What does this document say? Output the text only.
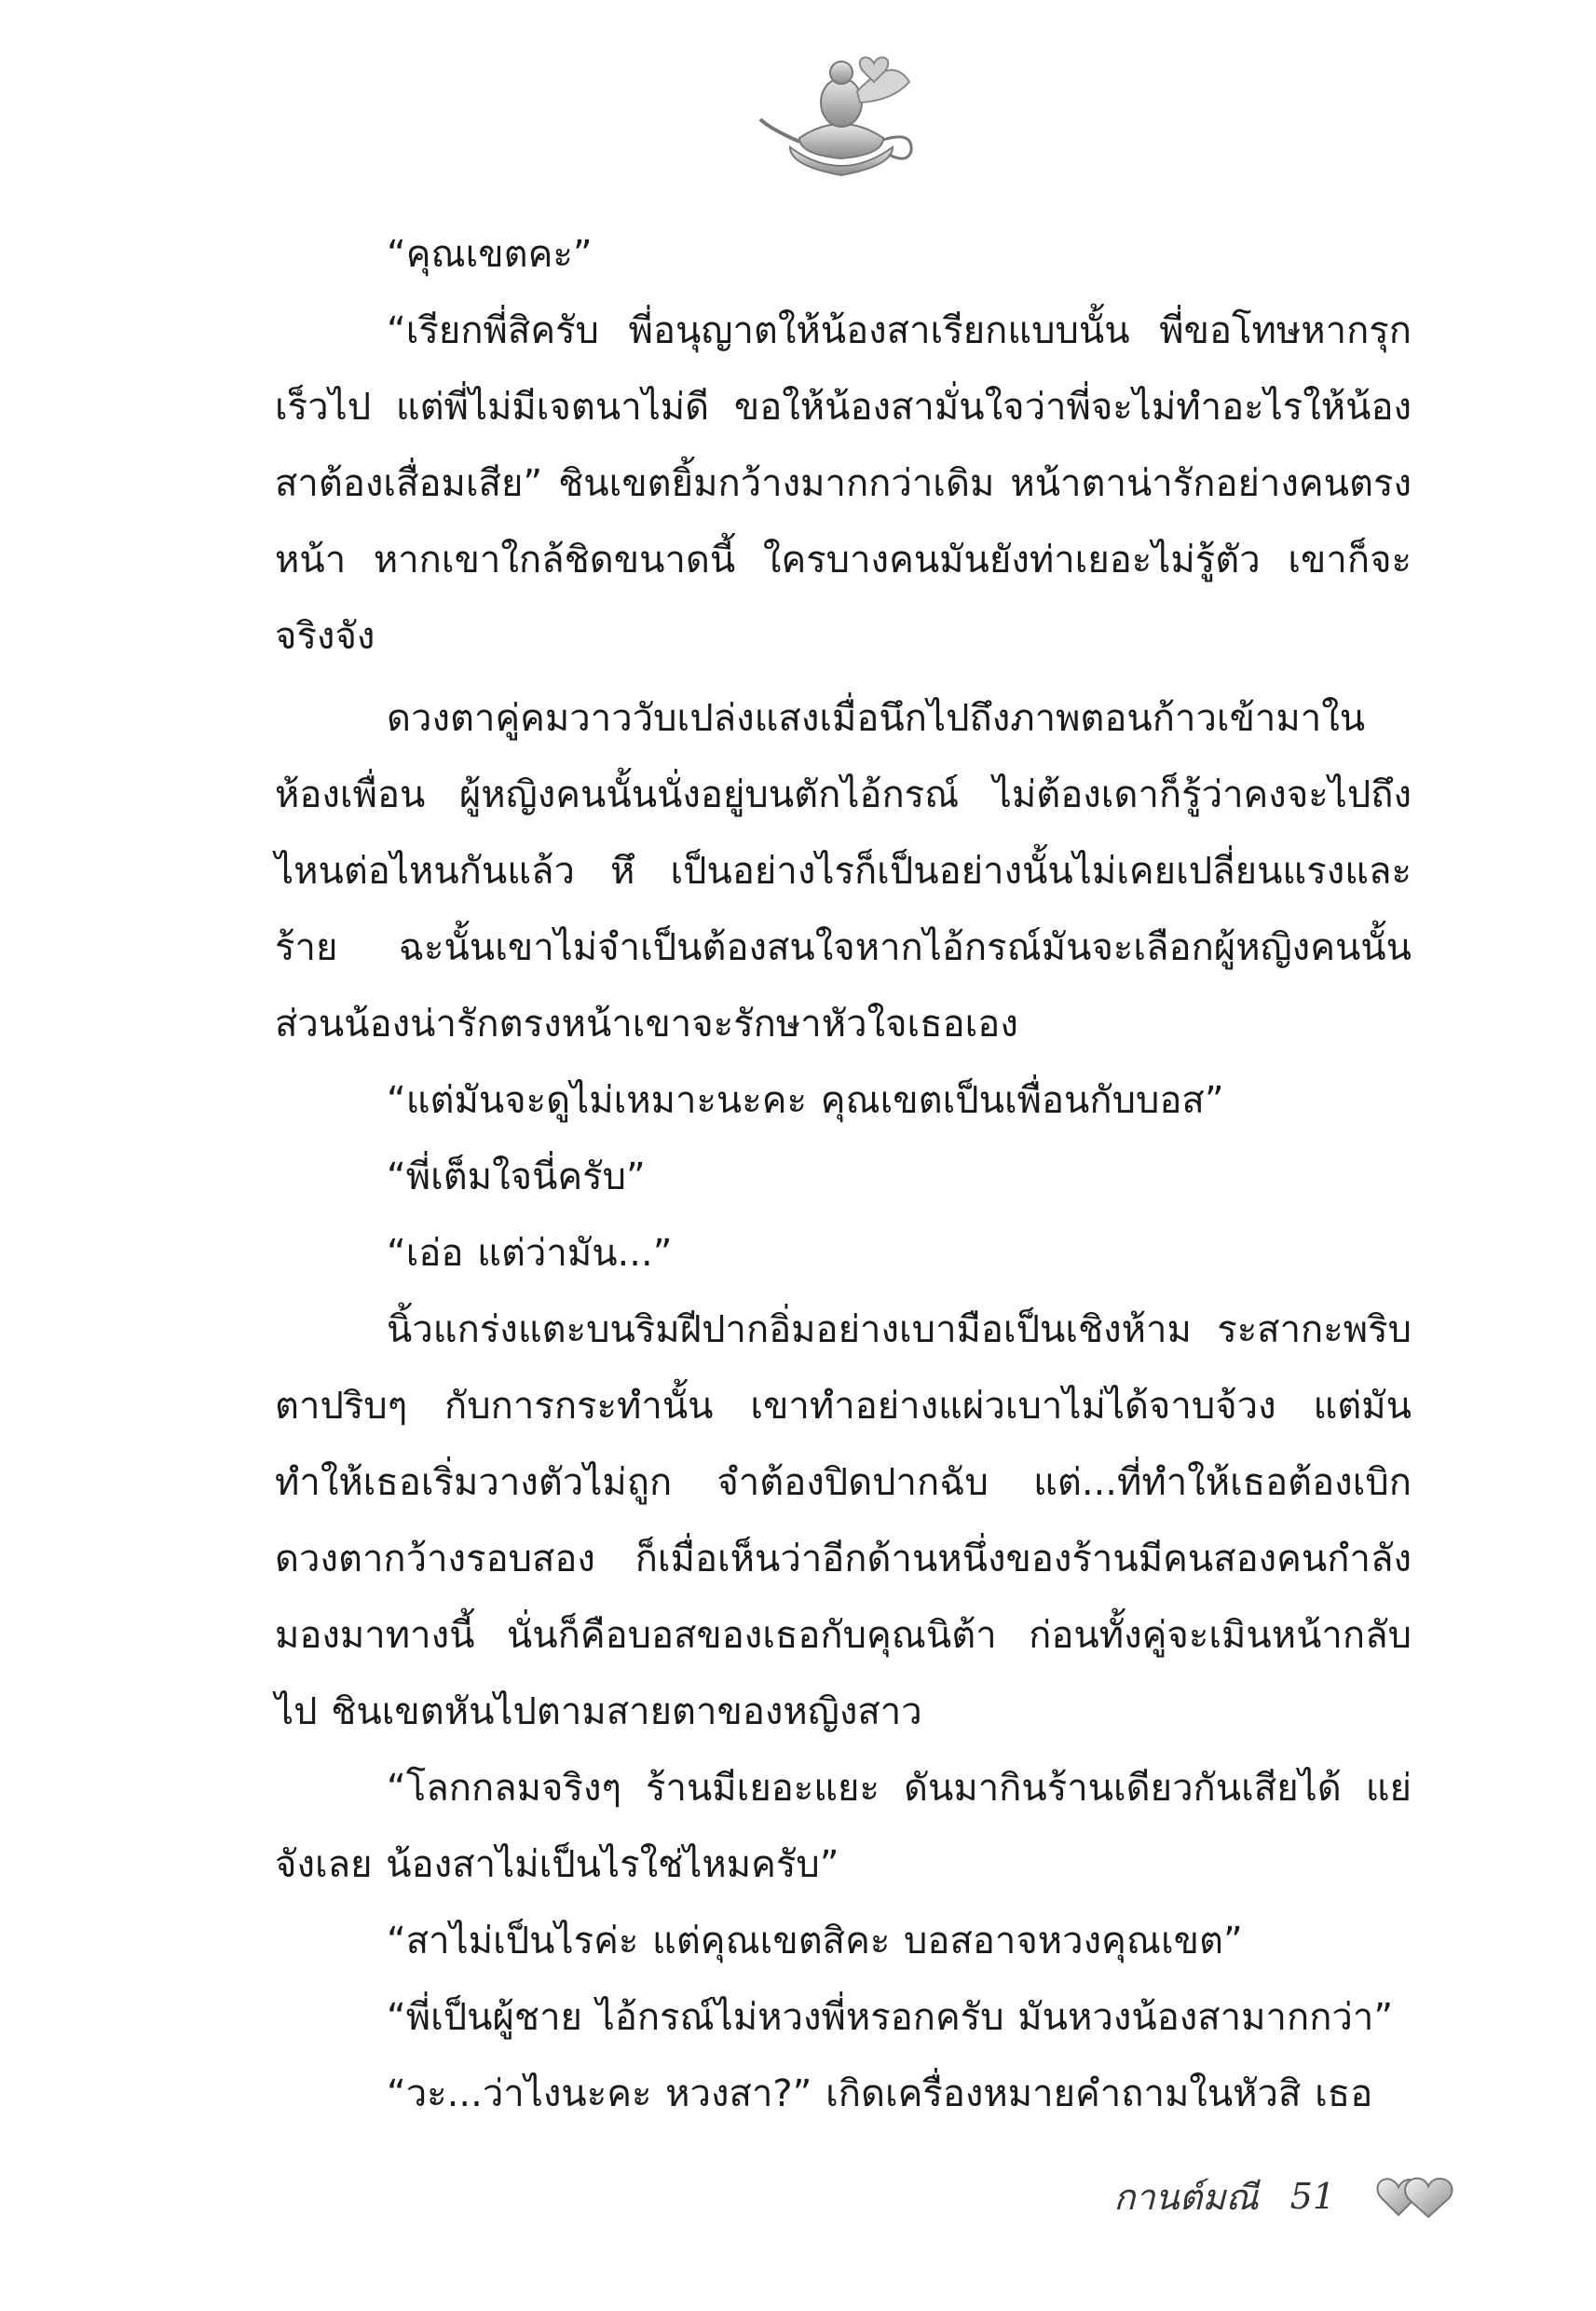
“คุณเขตคะ”

“เรียกพี่สิครับ พี่อนุญาตให้น้องสาเรียกแบบนั้น พี่ขอโทษหากรุกเร็วไป แต่พี่ไม่มีเจตนาไม่ดี ขอให้น้องสามั่นใจว่าพี่จะไม่ทำอะไรให้น้องสาต้องเสื่อมเสีย” ชินเขตยิ้มกว้างมากกว่าเดิม หน้าตาน่ารักอย่างคนตรงหน้า หากเขาใกล้ชิดขนาดนี้ ใครบางคนมันยังท่าเยอะไม่รู้ตัว เขาก็จะจริงจัง

ดวงตาคู่คมวาววับเปล่งแสงเมื่อนึกไปถึงภาพตอนก้าวเข้ามาในห้องเพื่อน ผู้หญิงคนนั้นนั่งอยู่บนตักไอ้กรณ์ ไม่ต้องเดาก็รู้ว่าคงจะไปถึงไหนต่อไหนกันแล้ว หึ เป็นอย่างไรก็เป็นอย่างนั้นไม่เคยเปลี่ยนแรงและร้าย ฉะนั้นเขาไม่จำเป็นต้องสนใจหากไอ้กรณ์มันจะเลือกผู้หญิงคนนั้น ส่วนน้องน่ารักตรงหน้าเขาจะรักษาหัวใจเธอเอง

“แต่มันจะดูไม่เหมาะนะคะ คุณเขตเป็นเพื่อนกับบอส”

“พี่เต็มใจนี่ครับ”

“เอ่อ แต่ว่ามัน...”

นิ้วแกร่งแตะบนริมฝีปากอิ่มอย่างเบามือเป็นเชิงห้าม ระสากะพริบตาปริบๆ กับการกระทำนั้น เขาทำอย่างแผ่วเบาไม่ได้จาบจ้วง แต่มันทำให้เธอเริ่มวางตัวไม่ถูก จำต้องปิดปากฉับ แต่...ที่ทำให้เธอต้องเบิกดวงตากว้างรอบสอง ก็เมื่อเห็นว่าอีกด้านหนึ่งของร้านมีคนสองคนกำลังมองมาทางนี้ นั่นก็คือบอสของเธอกับคุณนิต้า ก่อนทั้งคู่จะเมินหน้ากลับไป ชินเขตหันไปตามสายตาของหญิงสาว

“โลกกลมจริงๆ ร้านมีเยอะแยะ ดันมากินร้านเดียวกันเสียได้ แย่จังเลย น้องสาไม่เป็นไรใช่ไหมครับ”

“สาไม่เป็นไรค่ะ แต่คุณเขตสิคะ บอสอาจหวงคุณเขต”

“พี่เป็นผู้ชาย ไอ้กรณ์ไม่หวงพี่หรอกครับ มันหวงน้องสามากกว่า”

“วะ...ว่าไงนะคะ หวงสา?” เกิดเครื่องหมายคำถามในหัวสิ เธอ

กานต์มณี 51
